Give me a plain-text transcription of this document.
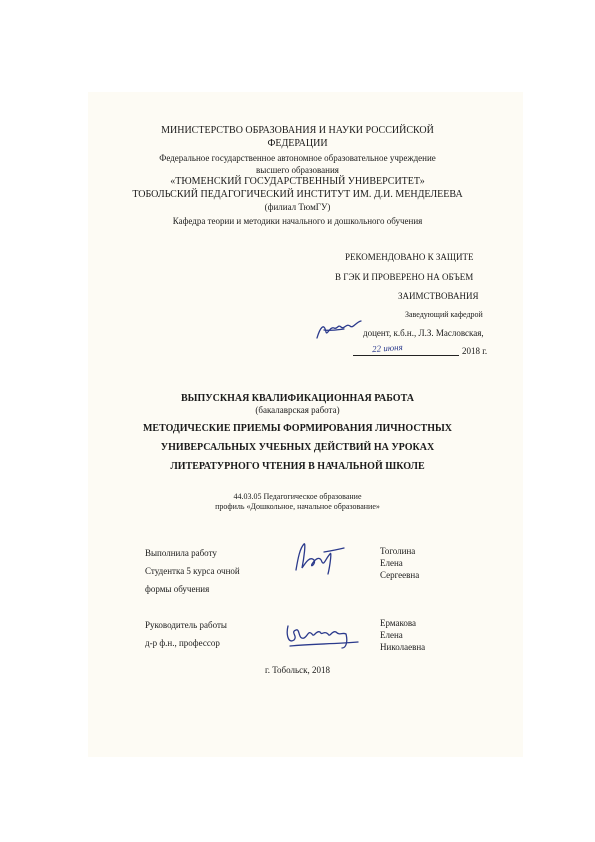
МИНИСТЕРСТВО ОБРАЗОВАНИЯ И НАУКИ РОССИЙСКОЙ
ФЕДЕРАЦИИ
Федеральное государственное автономное образовательное учреждение
высшего образования
«ТЮМЕНСКИЙ ГОСУДАРСТВЕННЫЙ УНИВЕРСИТЕТ»
ТОБОЛЬСКИЙ ПЕДАГОГИЧЕСКИЙ ИНСТИТУТ ИМ. Д.И. МЕНДЕЛЕЕВА
(филиал ТюмГУ)
Кафедра теории и методики начального и дошкольного обучения
РЕКОМЕНДОВАНО К ЗАЩИТЕ
В ГЭК И ПРОВЕРЕНО НА ОБЪЕМ
ЗАИМСТВОВАНИЯ
Заведующий кафедрой
доцент, к.б.н., Л.З. Масловская,
22 июня	2018 г.
ВЫПУСКНАЯ КВАЛИФИКАЦИОННАЯ РАБОТА
(бакалаврская работа)
МЕТОДИЧЕСКИЕ ПРИЕМЫ ФОРМИРОВАНИЯ ЛИЧНОСТНЫХ
УНИВЕРСАЛЬНЫХ УЧЕБНЫХ ДЕЙСТВИЙ НА УРОКАХ
ЛИТЕРАТУРНОГО ЧТЕНИЯ В НАЧАЛЬНОЙ ШКОЛЕ
44.03.05 Педагогическое образование
профиль «Дошкольное, начальное образование»
Выполнила работу
Студентка 5 курса очной
формы обучения
Тоголина
Елена
Сергеевна
Руководитель работы
д-р ф.н., профессор
Ермакова
Елена
Николаевна
г. Тобольск, 2018
